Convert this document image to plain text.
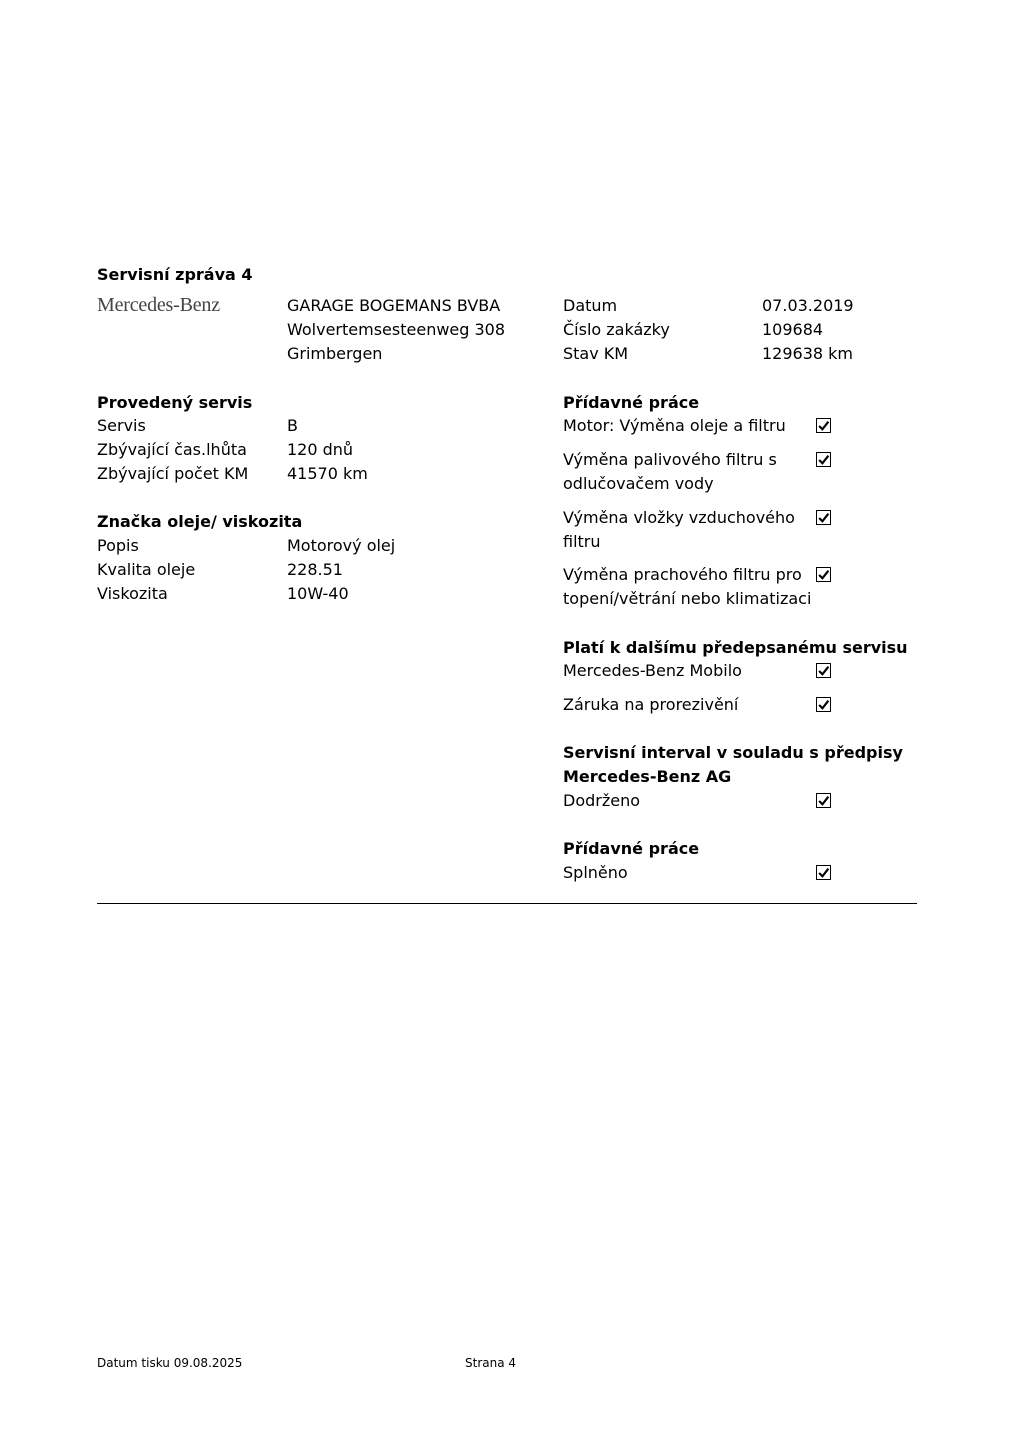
Servisní zpráva 4
Mercedes-Benz	GARAGE BOGEMANS BVBA
Wolvertemsesteenweg 308
Grimbergen
Datum	07.03.2019
Číslo zakázky	109684
Stav KM	129638 km
Provedený servis
Servis	B
Zbývající čas.lhůta	120 dnů
Zbývající počet KM 41570 km
Značka oleje/ viskozita
Popis	Motorový olej
Kvalita oleje	228.51
Viskozita	10W-40
Přídavné práce
Motor: Výměna oleje a filtru
Výměna palivového filtru s
odlučovačem vody
Výměna vložky vzduchového
filtru
Výměna prachového filtru pro
topení/větrání nebo klimatizaci
Platí k dalšímu předepsanému servisu
Mercedes-Benz Mobilo
Záruka na prorezivění
Servisní interval v souladu s předpisy
Mercedes-Benz AG
Dodrženo
Přídavné práce
Splněno
Datum tisku 09.08.2025	Strana 4
